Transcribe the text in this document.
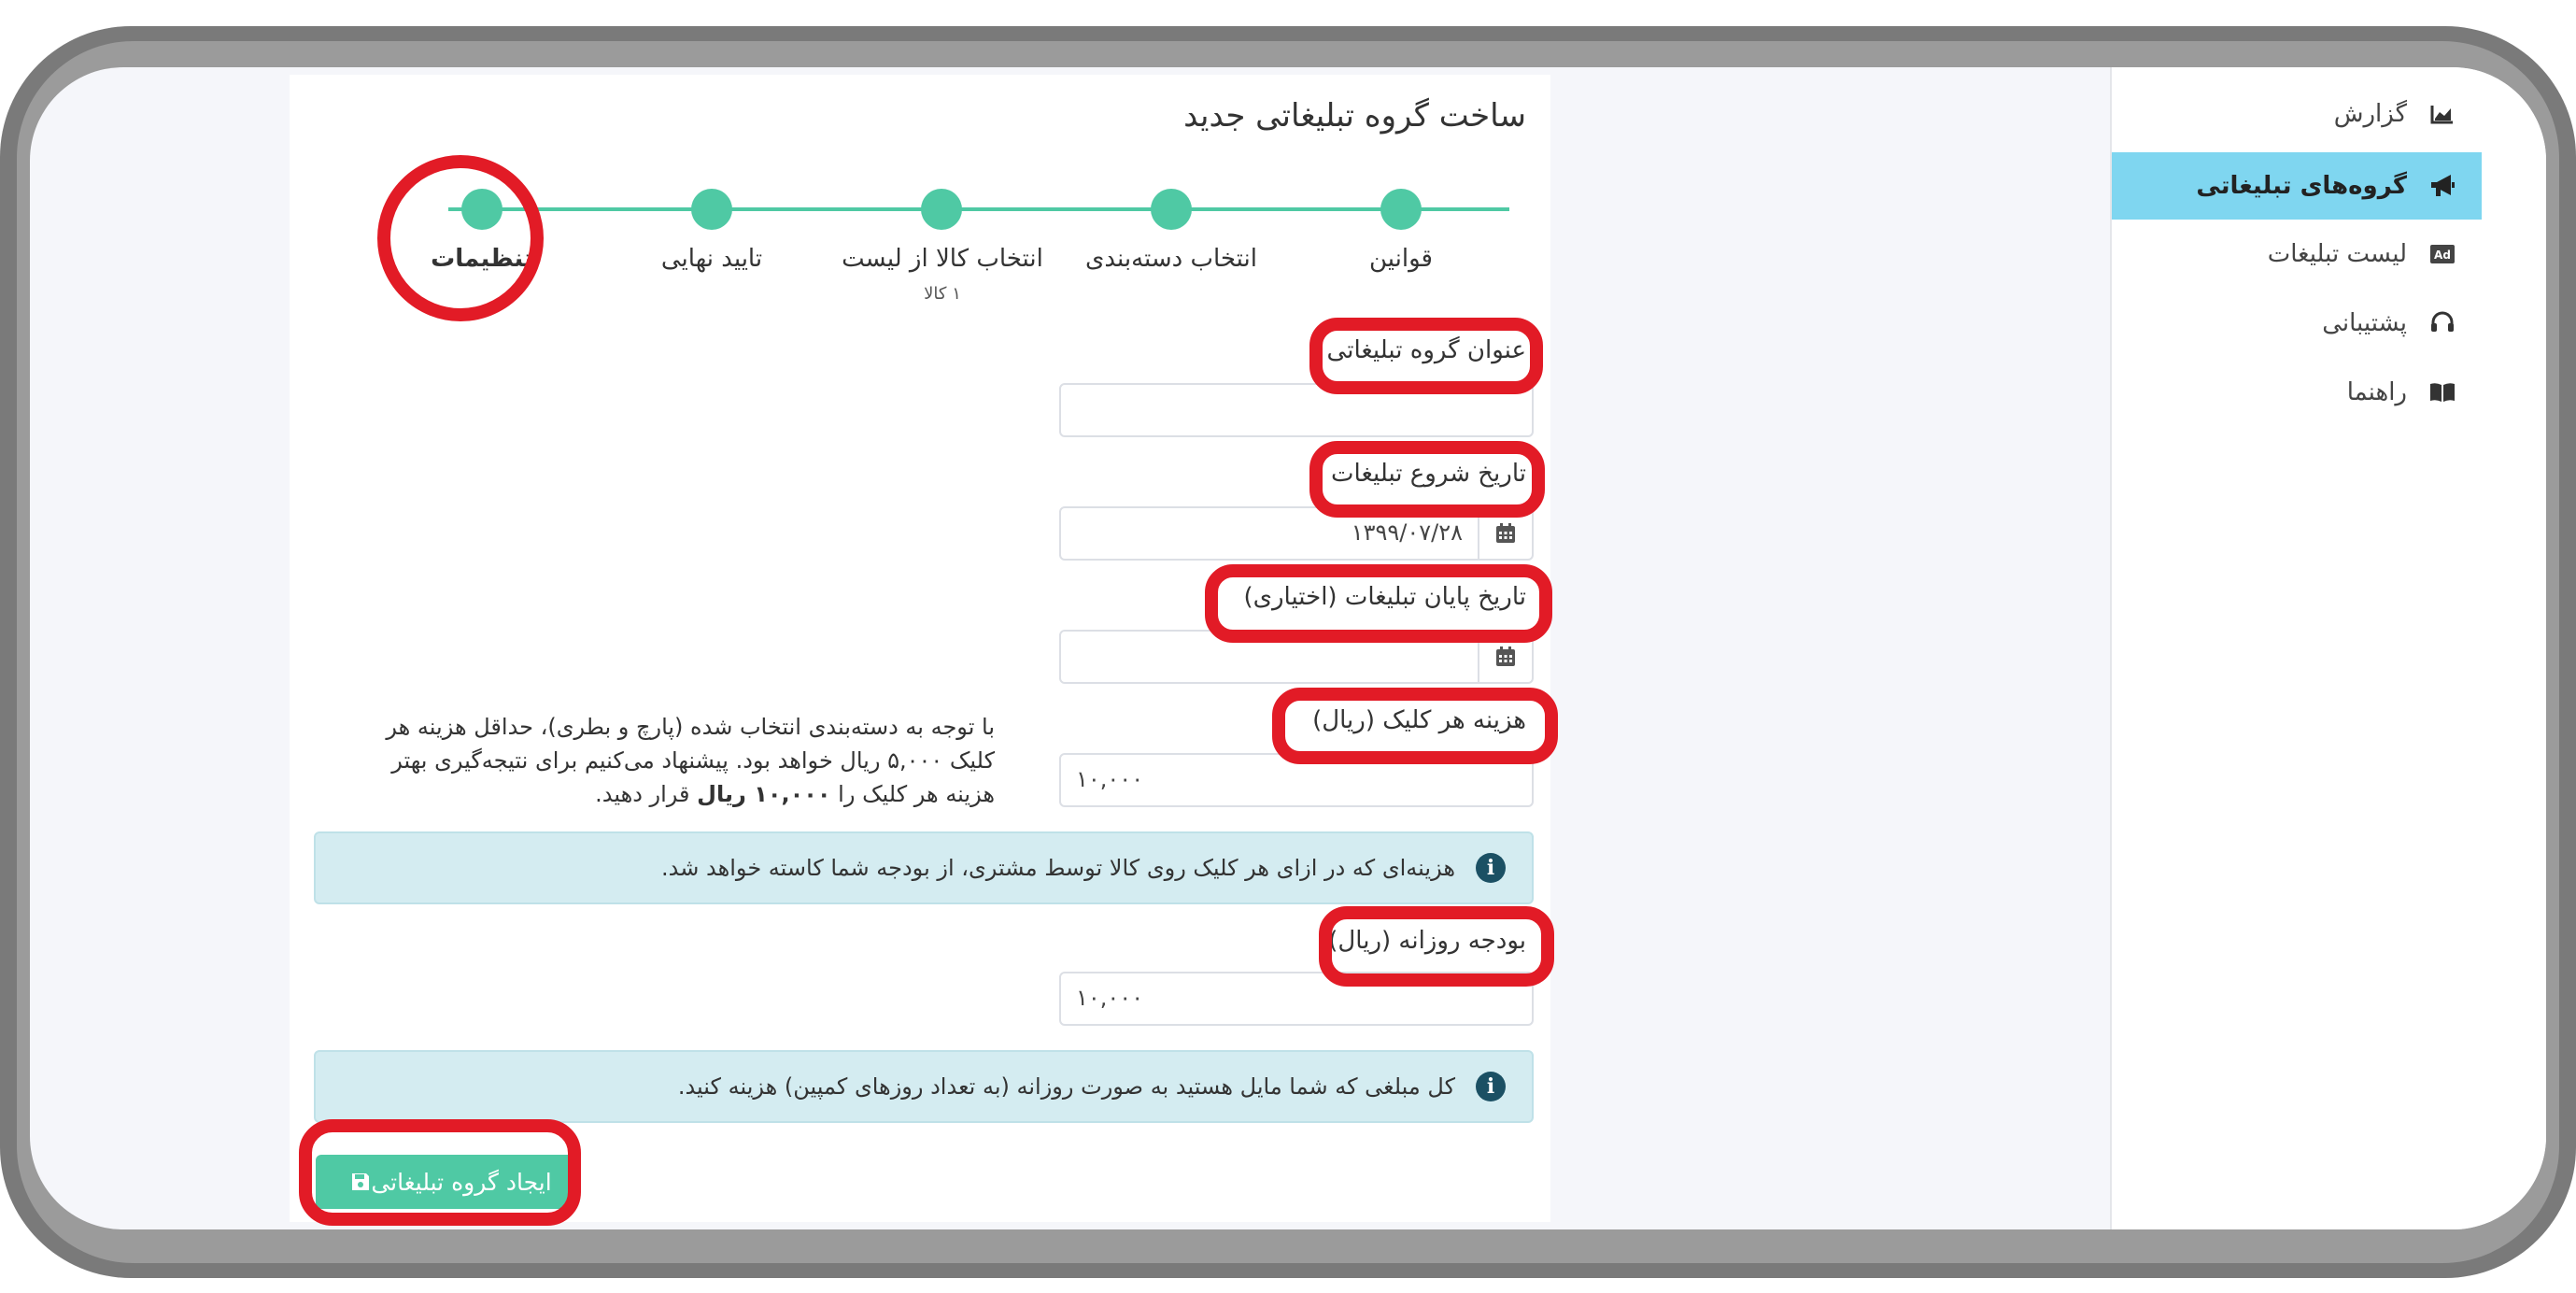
گزارش
گروه‌های تبلیغاتی
Ad
لیست تبلیغات
پشتیبانی
راهنما
ساخت گروه تبلیغاتی جدید
قوانین
انتخاب دسته‌بندی
انتخاب کالا از لیست
۱ کالا
تایید نهایی
تنظیمات
عنوان گروه تبلیغاتی
تاریخ شروع تبلیغات
۱۳۹۹/۰۷/۲۸
تاریخ پایان تبلیغات (اختیاری)
هزینه هر کلیک (ریال)
۱۰,۰۰۰
با توجه به دسته‌بندی انتخاب شده (پارچ و بطری)، حداقل هزینه هر کلیک ۵,۰۰۰ ریال خواهد بود. پیشنهاد می‌کنیم برای نتیجه‌گیری بهتر هزینه هر کلیک را ۱۰,۰۰۰ ریال قرار دهید.
i
هزینه‌ای که در ازای هر کلیک روی کالا توسط مشتری، از بودجه شما کاسته خواهد شد.
بودجه روزانه (ریال)
۱۰,۰۰۰
i
کل مبلغی که شما مایل هستید به صورت روزانه (به تعداد روزهای کمپین) هزینه کنید.
ایجاد گروه تبلیغاتی
